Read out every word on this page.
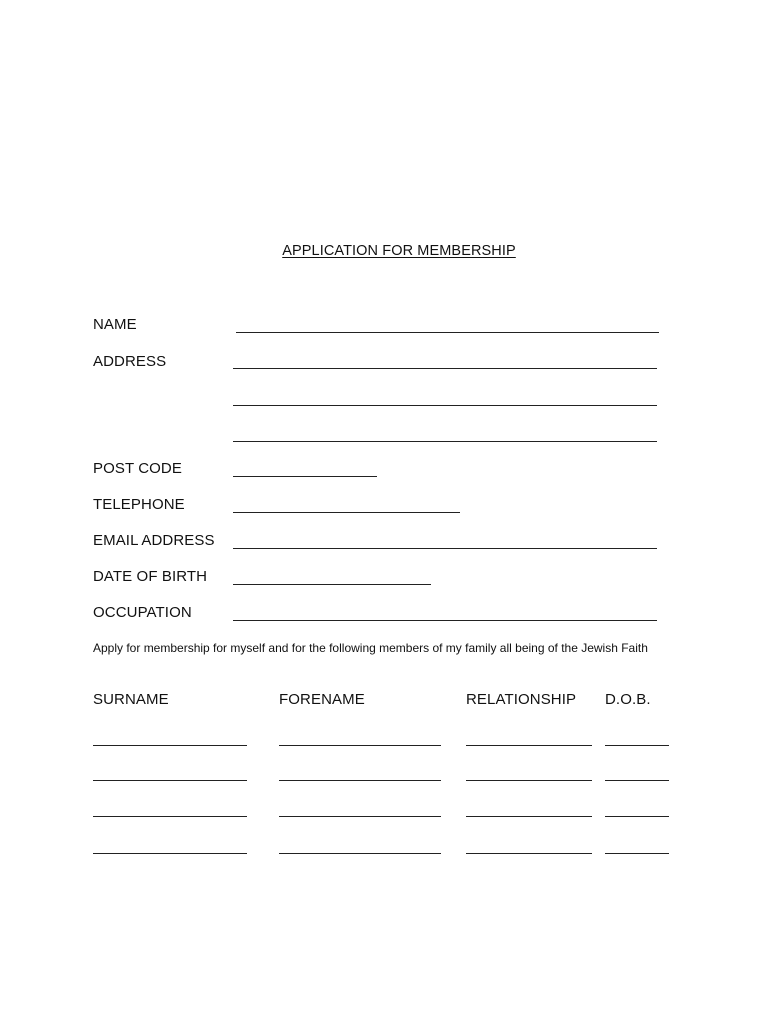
APPLICATION FOR MEMBERSHIP
NAME
ADDRESS
POST CODE
TELEPHONE
EMAIL ADDRESS
DATE OF BIRTH
OCCUPATION
Apply for membership for myself and for the following members of my family all being of the Jewish Faith
SURNAME	FORENAME	RELATIONSHIP D.O.B.
